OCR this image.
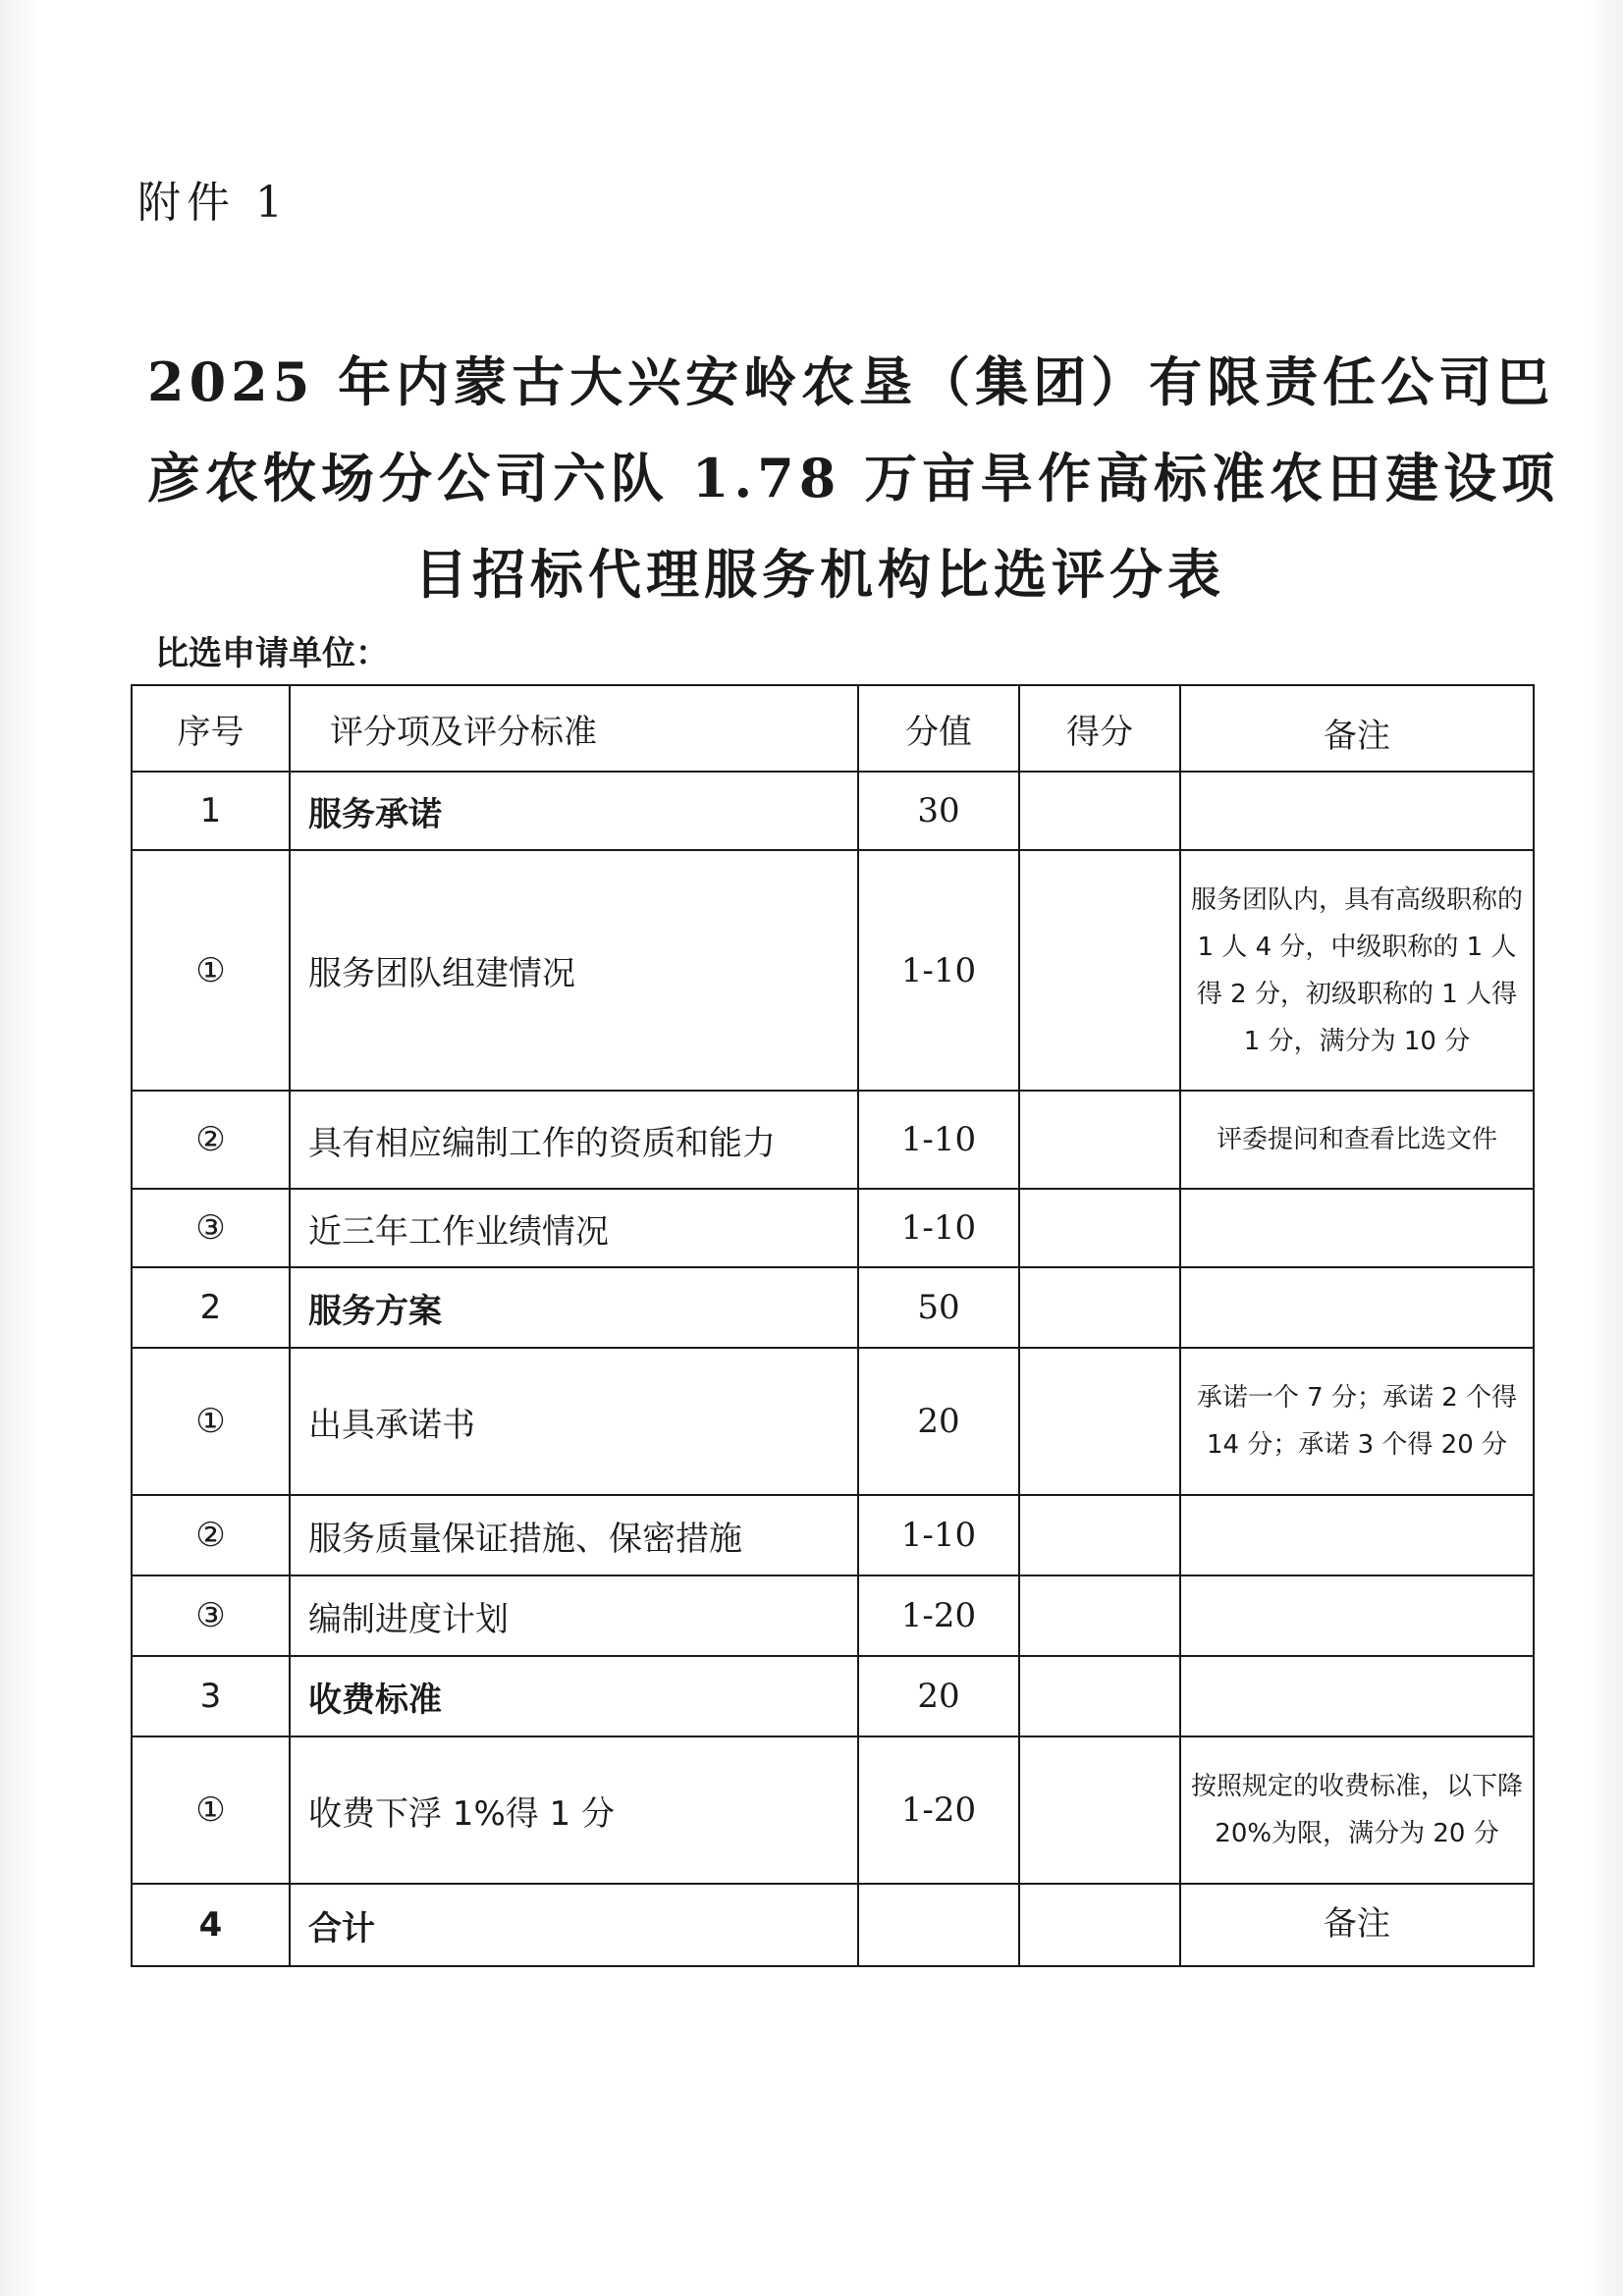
附件 1
2025 年内蒙古大兴安岭农垦（集团）有限责任公司巴
彦农牧场分公司六队 1.78 万亩旱作高标准农田建设项
目招标代理服务机构比选评分表
比选申请单位：
序号	评分项及评分标准	分值	得分	备注
1	服务承诺	30		
①	服务团队组建情况	1-10		服务团队内，具有高级职称的 1 人 4 分，中级职称的 1 人得 2 分，初级职称的 1 人得 1 分，满分为 10 分
②	具有相应编制工作的资质和能力	1-10		评委提问和查看比选文件
③	近三年工作业绩情况	1-10		
2	服务方案	50		
①	出具承诺书	20		承诺一个 7 分；承诺 2 个得 14 分；承诺 3 个得 20 分
②	服务质量保证措施、保密措施	1-10		
③	编制进度计划	1-20		
3	收费标准	20		
①	收费下浮 1%得 1 分	1-20		按照规定的收费标准，以下降 20%为限，满分为 20 分
4	合计			备注
